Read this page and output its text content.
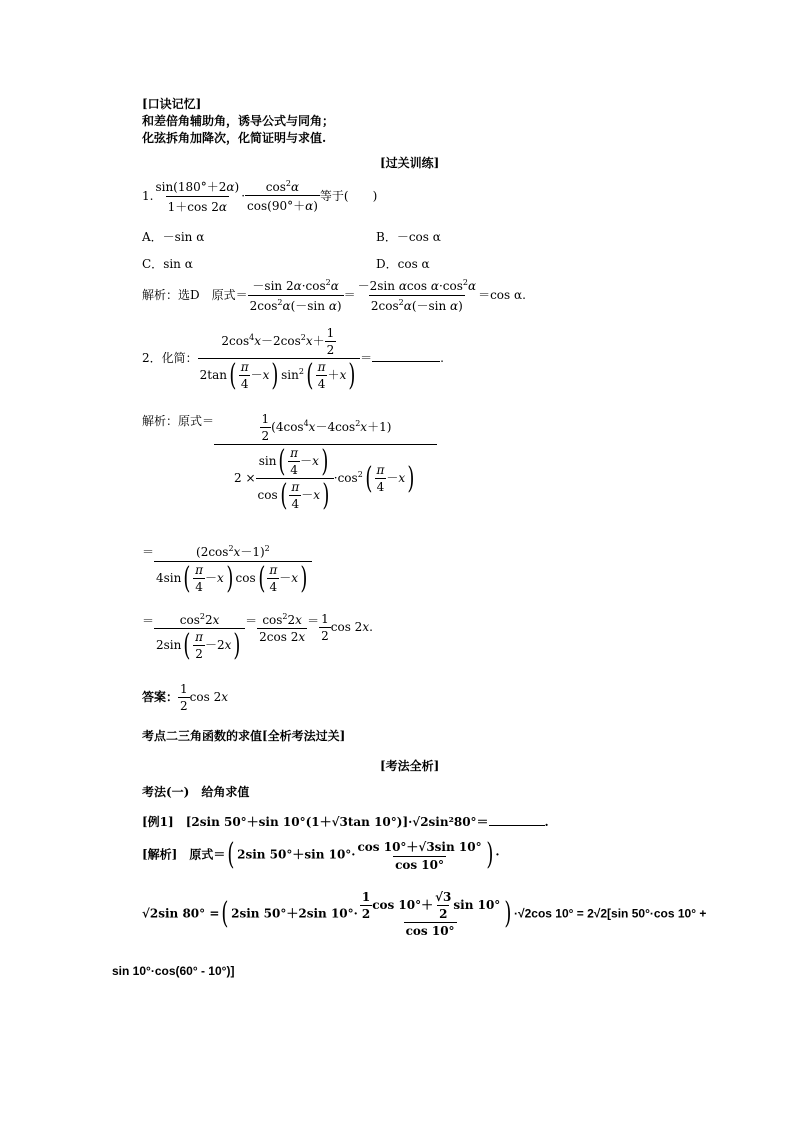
[口诀记忆]
和差倍角辅助角，诱导公式与同角；
化弦拆角加降次，化简证明与求值.
[过关训练]
1. $\frac{\sin(180^\circ+2\alpha)}{1+\cos 2\alpha} \cdot \frac{\cos^2\alpha}{\cos(90^\circ+\alpha)}$ 等于(　　)
A．－sin α	B．－cos α
C．sin α	D．cos α
解析：选D　原式＝ $\frac{-\sin 2\alpha\cdot\cos^2\alpha}{2\cos^2\alpha(-\sin \alpha)} = \frac{-2\sin \alpha\cos \alpha\cdot\cos^2\alpha}{2\cos^2\alpha(-\sin \alpha)} =\cos$ α.
2．化简： $\frac{2\cos^4x-2\cos^2x+ \frac{1}{2}}{2\tan( \frac{\pi}{4} -x) \sin^2( \frac{\pi}{4} +x)}$ ＝	.
解析：原式＝ $\frac{\frac{1}{2} (4\cos^4x-4\cos^2x+1)}{2 \times \frac{\sin( \frac{\pi}{4} -x)}{\cos( \frac{\pi}{4} -x)} \cdot\cos^2( \frac{\pi}{4} -x)}$
＝ $\frac{(2\cos^2x-1)^2}{4\sin( \frac{\pi}{4} -x) \cos( \frac{\pi}{4} -x)}$
＝ $\frac{\cos^22x}{2\sin( \frac{\pi}{2} -2x)} = \frac{\cos^22x}{2\cos 2x} = \frac{1}{2}$ cos 2x.
答案： $\frac{1}{2}$ cos 2x
考点二三角函数的求值[全析考法过关]
[考法全析]
考法(一)　给角求值
[例1]　 [2sin 50°＋sin 10°(1＋√3tan 10°)]·√2sin²80°＝	.
[解析]　 原式＝( 2sin 50°＋sin $10^\circ\cdot \frac{\cos 10^\circ+√3\sin 10^\circ}{\cos 10^\circ}$ ) ·
√2sin 80° =( 2sin 50°＋2sin $10^\circ\cdot \frac{\frac{1}{2} \cos 10^\circ+ \frac{√3}{2} \sin 10^\circ}{\cos 10^\circ}$ ) ·√2cos 10° = 2√2[sin 50°·cos 10° +
sin 10°·cos(60° - 10°)]
